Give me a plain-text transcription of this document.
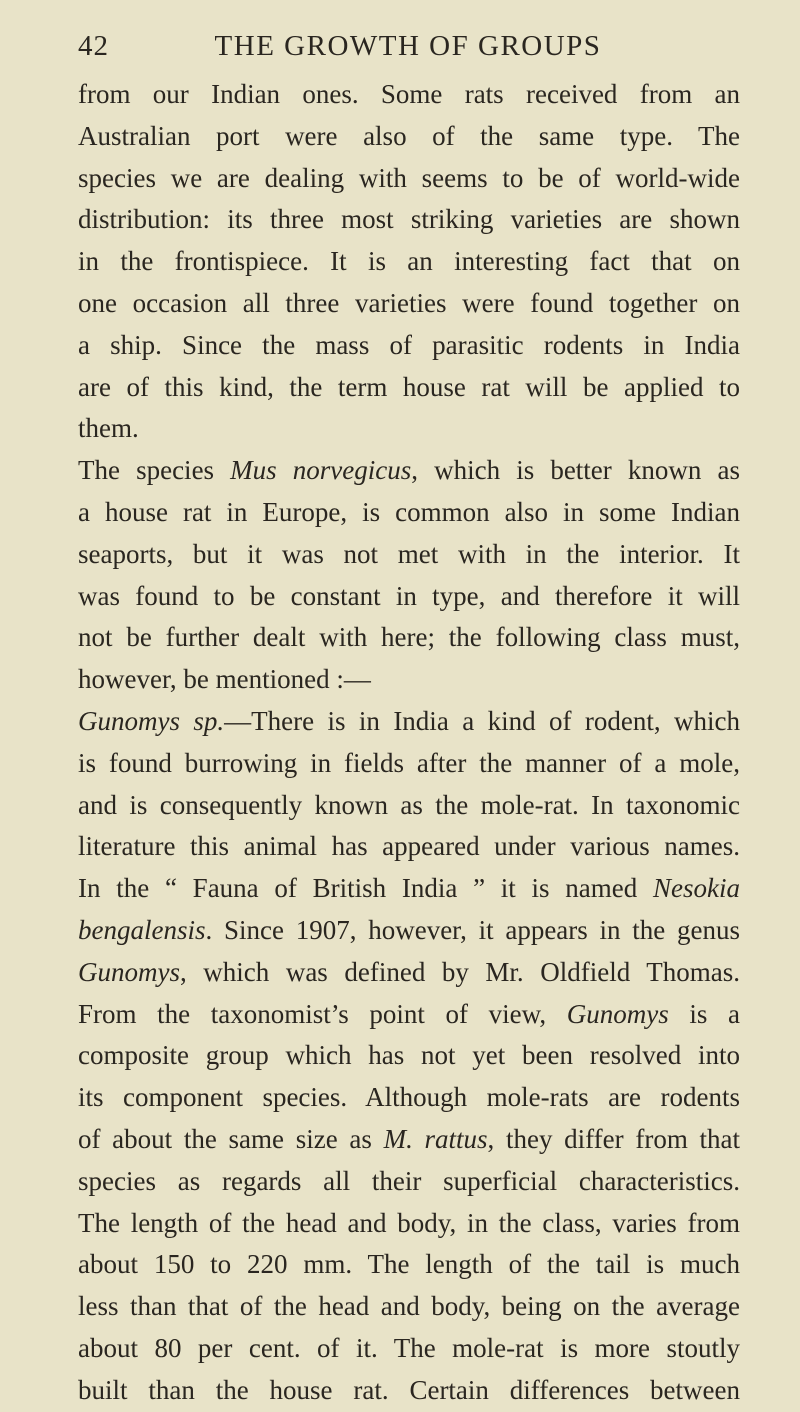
42	THE GROWTH OF GROUPS
from our Indian ones. Some rats received from an
Australian port were also of the same type. The
species we are dealing with seems to be of world-wide
distribution: its three most striking varieties are shown
in the frontispiece. It is an interesting fact that on
one occasion all three varieties were found together on
a ship. Since the mass of parasitic rodents in India
are of this kind, the term house rat will be applied to
them.
The species Mus norvegicus, which is better known as
a house rat in Europe, is common also in some Indian
seaports, but it was not met with in the interior. It
was found to be constant in type, and therefore it will
not be further dealt with here; the following class must,
however, be mentioned :—
Gunomys sp.—There is in India a kind of rodent, which
is found burrowing in fields after the manner of a mole,
and is consequently known as the mole-rat. In taxonomic
literature this animal has appeared under various names.
In the “ Fauna of British India ” it is named Nesokia
bengalensis. Since 1907, however, it appears in the genus
Gunomys, which was defined by Mr. Oldfield Thomas.
From the taxonomist’s point of view, Gunomys is a
composite group which has not yet been resolved into
its component species. Although mole-rats are rodents
of about the same size as M. rattus, they differ from that
species as regards all their superficial characteristics.
The length of the head and body, in the class, varies from
about 150 to 220 mm. The length of the tail is much
less than that of the head and body, being on the average
about 80 per cent. of it. The mole-rat is more stoutly
built than the house rat. Certain differences between
